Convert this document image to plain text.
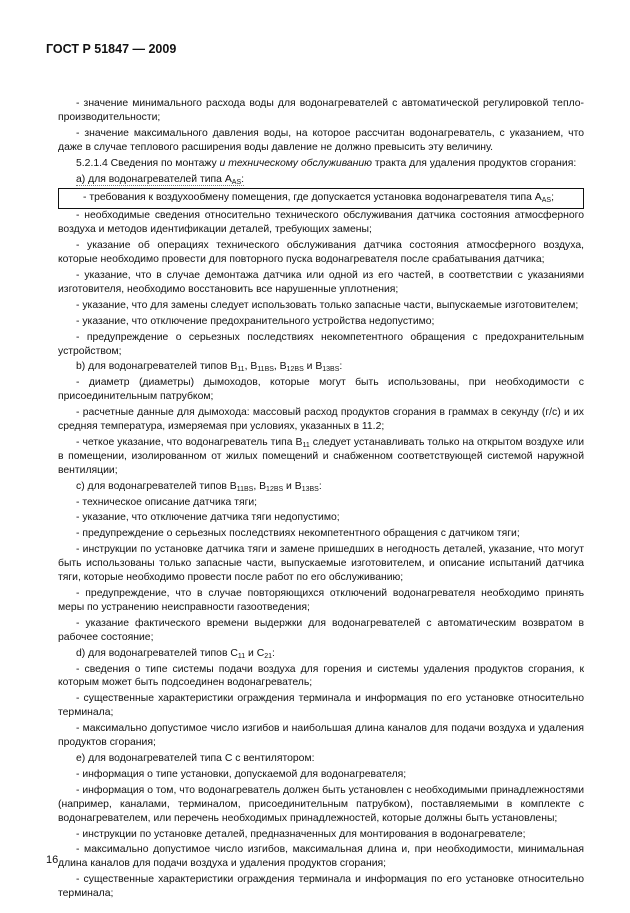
ГОСТ Р 51847 — 2009

- значение минимального расхода воды для водонагревателей с автоматической регулировкой тепло-производительности;

- значение максимального давления воды, на которое рассчитан водонагреватель, с указанием, что даже в случае теплового расширения воды давление не должно превысить эту величину.

5.2.1.4 Сведения по монтажу и техническому обслуживанию тракта для удаления продуктов сгорания:

а) для водонагревателей типа $A_{AS}$:

- требования к воздухообмену помещения, где допускается установка водонагревателя типа $A_{AS}$;

- необходимые сведения относительно технического обслуживания датчика состояния атмосферного воздуха и методов идентификации деталей, требующих замены;

- указание об операциях технического обслуживания датчика состояния атмосферного воздуха, которые необходимо провести для повторного пуска водонагревателя после срабатывания датчика;

- указание, что в случае демонтажа датчика или одной из его частей, в соответствии с указаниями изготовителя, необходимо восстановить все нарушенные уплотнения;

- указание, что для замены следует использовать только запасные части, выпускаемые изготовителем;

- указание, что отключение предохранительного устройства недопустимо;

- предупреждение о серьезных последствиях некомпетентного обращения с предохранительным устройством;

b) для водонагревателей типов $B_{11}$, $B_{11BS}$, $B_{12BS}$ и $B_{13BS}$:

- диаметр (диаметры) дымоходов, которые могут быть использованы, при необходимости с присоединительным патрубком;

- расчетные данные для дымохода: массовый расход продуктов сгорания в граммах в секунду (г/с) и их средняя температура, измеряемая при условиях, указанных в 11.2;

- четкое указание, что водонагреватель типа $B_{11}$ следует устанавливать только на открытом воздухе или в помещении, изолированном от жилых помещений и снабженном соответствующей системой наружной вентиляции;

с) для водонагревателей типов $B_{11BS}$, $B_{12BS}$ и $B_{13BS}$:

- техническое описание датчика тяги;

- указание, что отключение датчика тяги недопустимо;

- предупреждение о серьезных последствиях некомпетентного обращения с датчиком тяги;

- инструкции по установке датчика тяги и замене пришедших в негодность деталей, указание, что могут быть использованы только запасные части, выпускаемые изготовителем, и описание испытаний датчика тяги, которые необходимо провести после работ по его обслуживанию;

- предупреждение, что в случае повторяющихся отключений водонагревателя необходимо принять меры по устранению неисправности газоотведения;

- указание фактического времени выдержки для водонагревателей с автоматическим возвратом в рабочее состояние;

d) для водонагревателей типов $C_{11}$ и $C_{21}$:

- сведения о типе системы подачи воздуха для горения и системы удаления продуктов сгорания, к которым может быть подсоединен водонагреватель;

- существенные характеристики ограждения терминала и информация по его установке относительно терминала;

- максимально допустимое число изгибов и наибольшая длина каналов для подачи воздуха и удаления продуктов сгорания;

е) для водонагревателей типа С с вентилятором:

- информация о типе установки, допускаемой для водонагревателя;

- информация о том, что водонагреватель должен быть установлен с необходимыми принадлежностями (например, каналами, терминалом, присоединительным патрубком), поставляемыми в комплекте с водонагревателем, или перечень необходимых принадлежностей, которые должны быть установлены;

- инструкции по установке деталей, предназначенных для монтирования в водонагревателе;

- максимально допустимое число изгибов, максимальная длина и, при необходимости, минимальная длина каналов для подачи воздуха и удаления продуктов сгорания;

- существенные характеристики ограждения терминала и информация по его установке относительно терминала;

16
